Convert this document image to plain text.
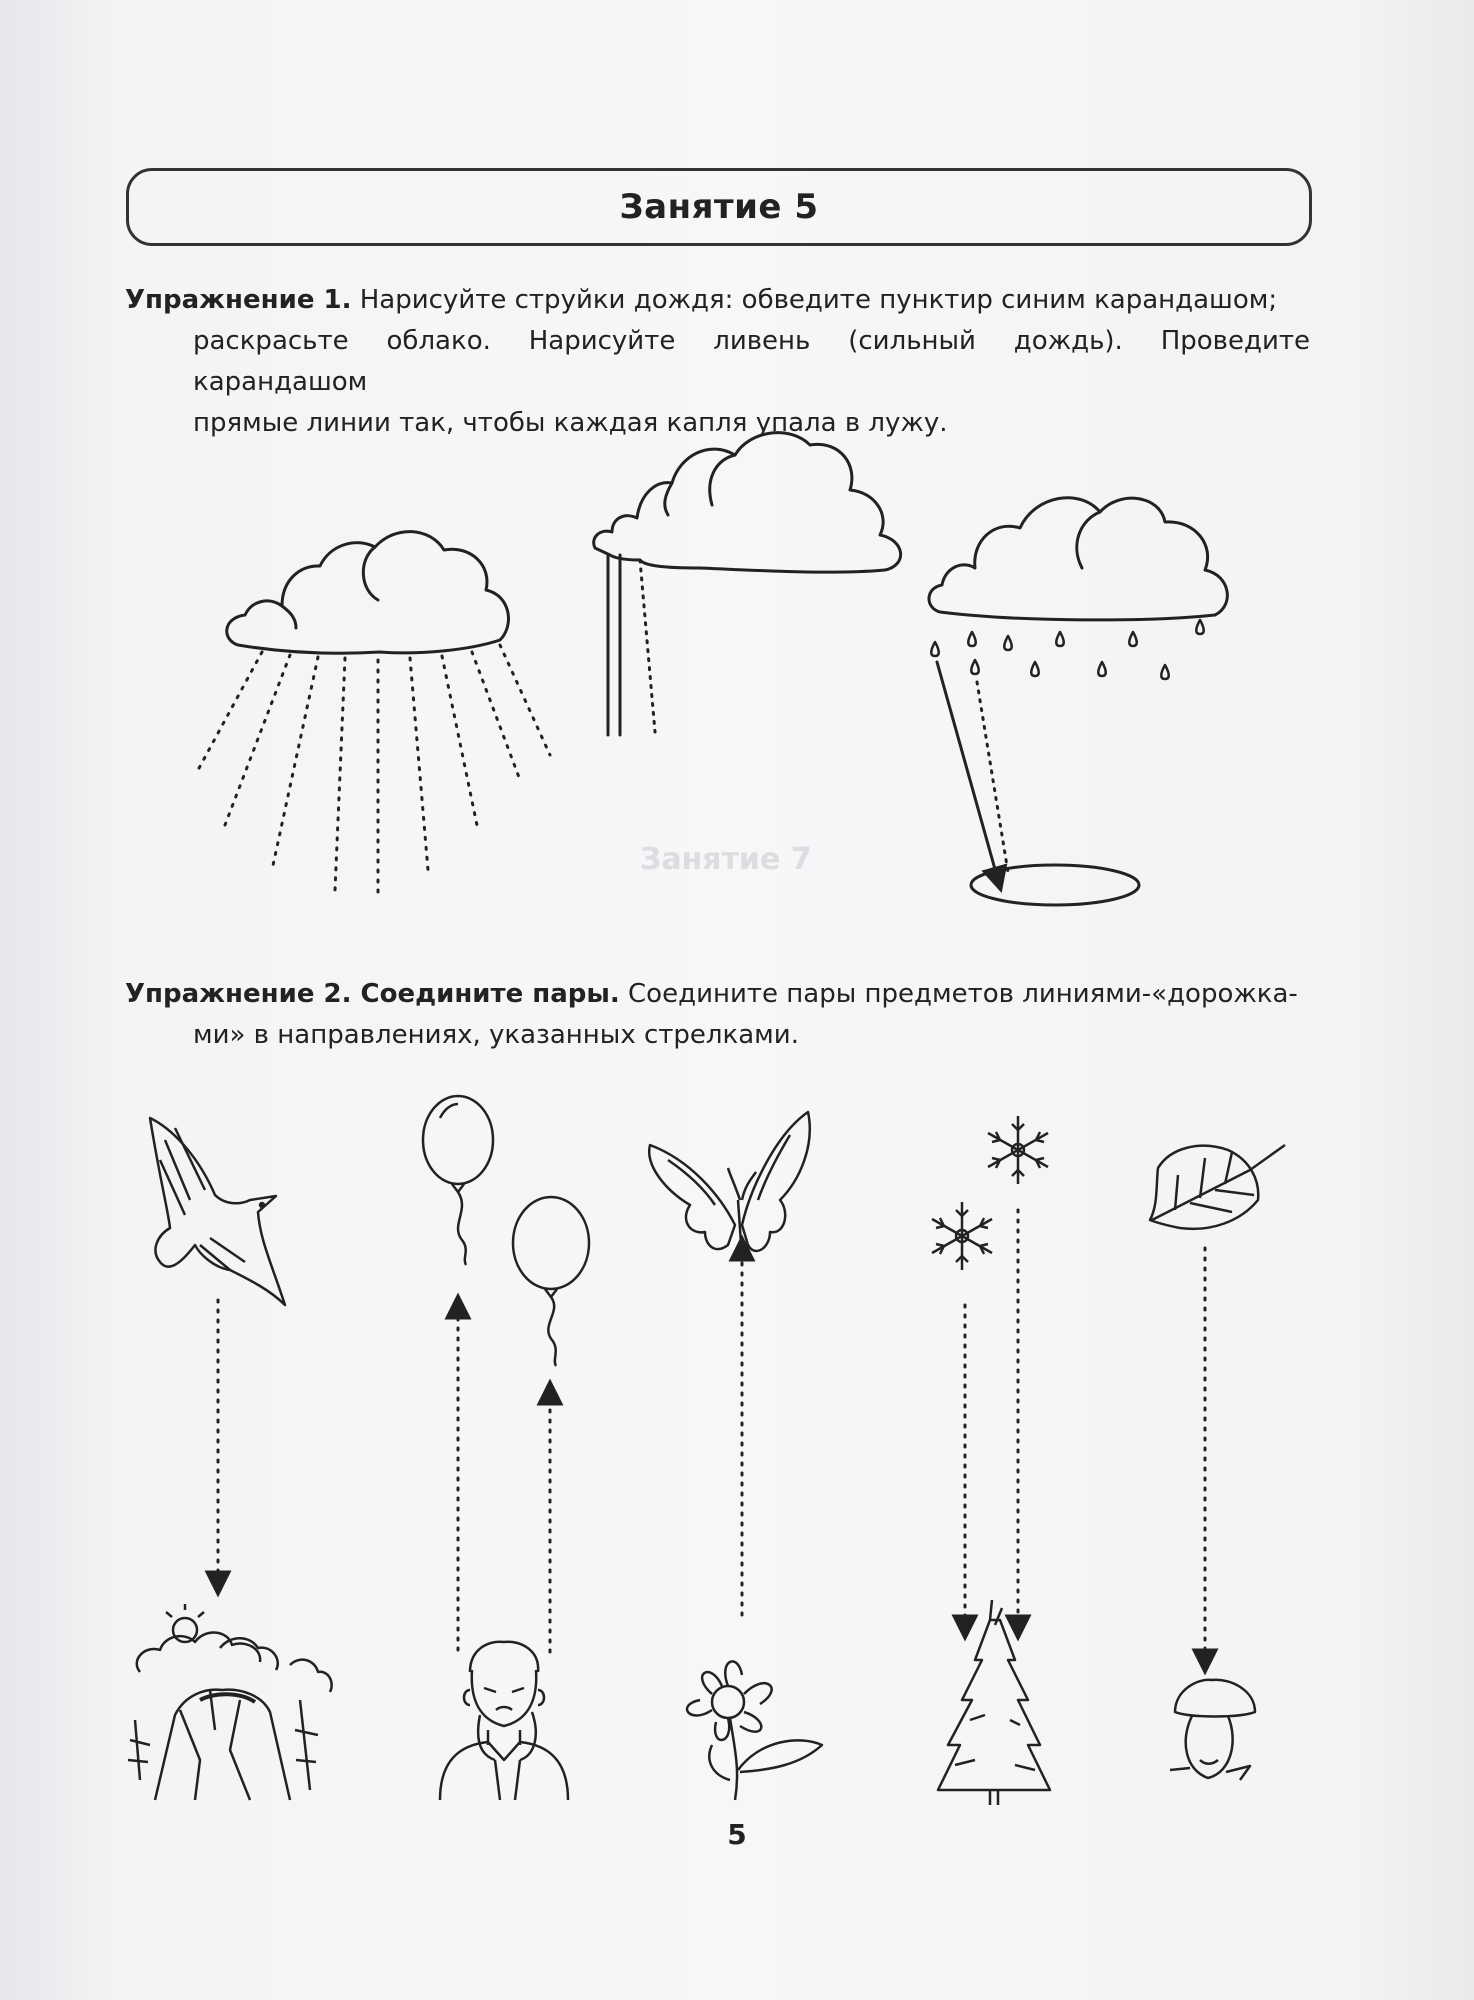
Занятие 7
Занятие 5
Упражнение 1. Нарисуйте струйки дождя: обведите пунктир синим карандашом;
раскрасьте облако. Нарисуйте ливень (сильный дождь). Проведите карандашом
прямые линии так, чтобы каждая капля упала в лужу.
Упражнение 2. Соедините пары. Соедините пары предметов линиями-«дорожка-
ми» в направлениях, указанных стрелками.
5
